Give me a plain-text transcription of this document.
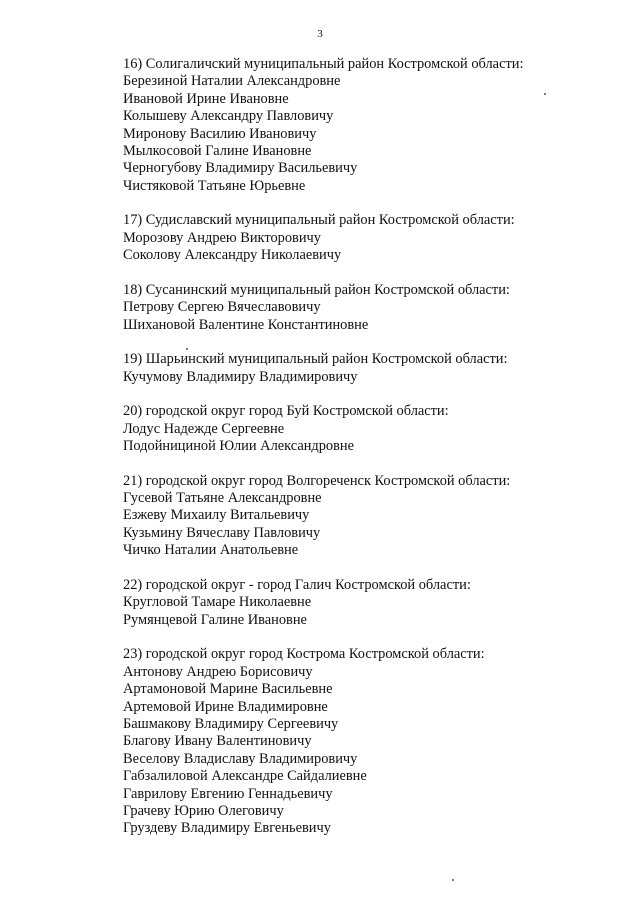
3
16) Солигаличский муниципальный район Костромской области:
Березиной Наталии Александровне
Ивановой Ирине Ивановне
Колышеву Александру Павловичу
Миронову Василию Ивановичу
Мылкосовой Галине Ивановне
Черногубову Владимиру Васильевичу
Чистяковой Татьяне Юрьевне
17) Судиславский муниципальный район Костромской области:
Морозову Андрею Викторовичу
Соколову Александру Николаевичу
18) Сусанинский муниципальный район Костромской области:
Петрову Сергею Вячеславовичу
Шихановой Валентине Константиновне
19) Шарьинский муниципальный район Костромской области:
Кучумову Владимиру Владимировичу
20) городской округ город Буй Костромской области:
Лодус Надежде Сергеевне
Подойнициной Юлии Александровне
21) городской округ город Волгореченск Костромской области:
Гусевой Татьяне Александровне
Езжеву Михаилу Витальевичу
Кузьмину Вячеславу Павловичу
Чичко Наталии Анатольевне
22) городской округ - город Галич Костромской области:
Кругловой Тамаре Николаевне
Румянцевой Галине Ивановне
23) городской округ город Кострома Костромской области:
Антонову Андрею Борисовичу
Артамоновой Марине Васильевне
Артемовой Ирине Владимировне
Башмакову Владимиру Сергеевичу
Благову Ивану Валентиновичу
Веселову Владиславу Владимировичу
Габзалиловой Александре Сайдалиевне
Гаврилову Евгению Геннадьевичу
Грачеву Юрию Олеговичу
Груздеву Владимиру Евгеньевичу
